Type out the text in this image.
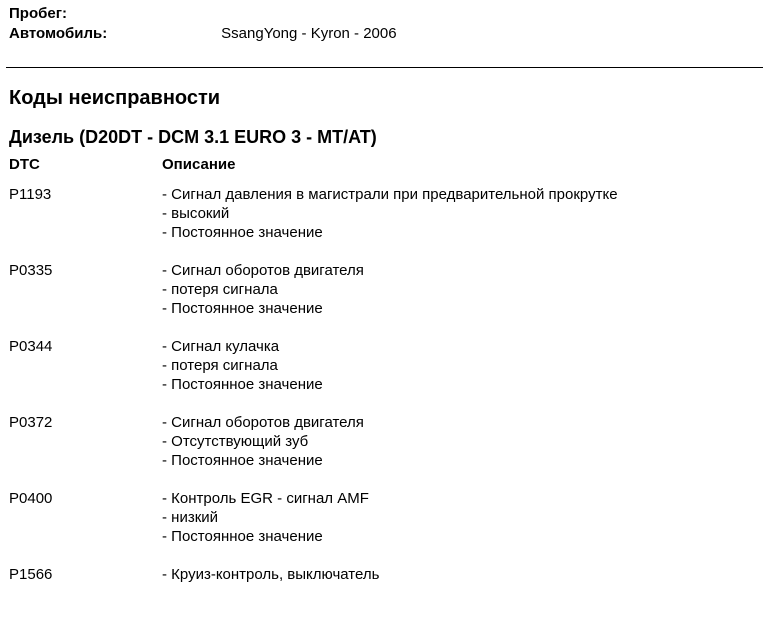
Пробег:
Автомобиль:	SsangYong - Kyron - 2006
Коды неисправности
Дизель (D20DT - DCM 3.1 EURO 3 - MT/AT)
DTC	Описание
P1193	- Сигнал давления в магистрали при предварительной прокрутке
- высокий
- Постоянное значение
P0335	- Сигнал оборотов двигателя
- потеря сигнала
- Постоянное значение
P0344	- Сигнал кулачка
- потеря сигнала
- Постоянное значение
P0372	- Сигнал оборотов двигателя
- Отсутствующий зуб
- Постоянное значение
P0400	- Контроль EGR - сигнал AMF
- низкий
- Постоянное значение
P1566	- Круиз-контроль, выключатель
